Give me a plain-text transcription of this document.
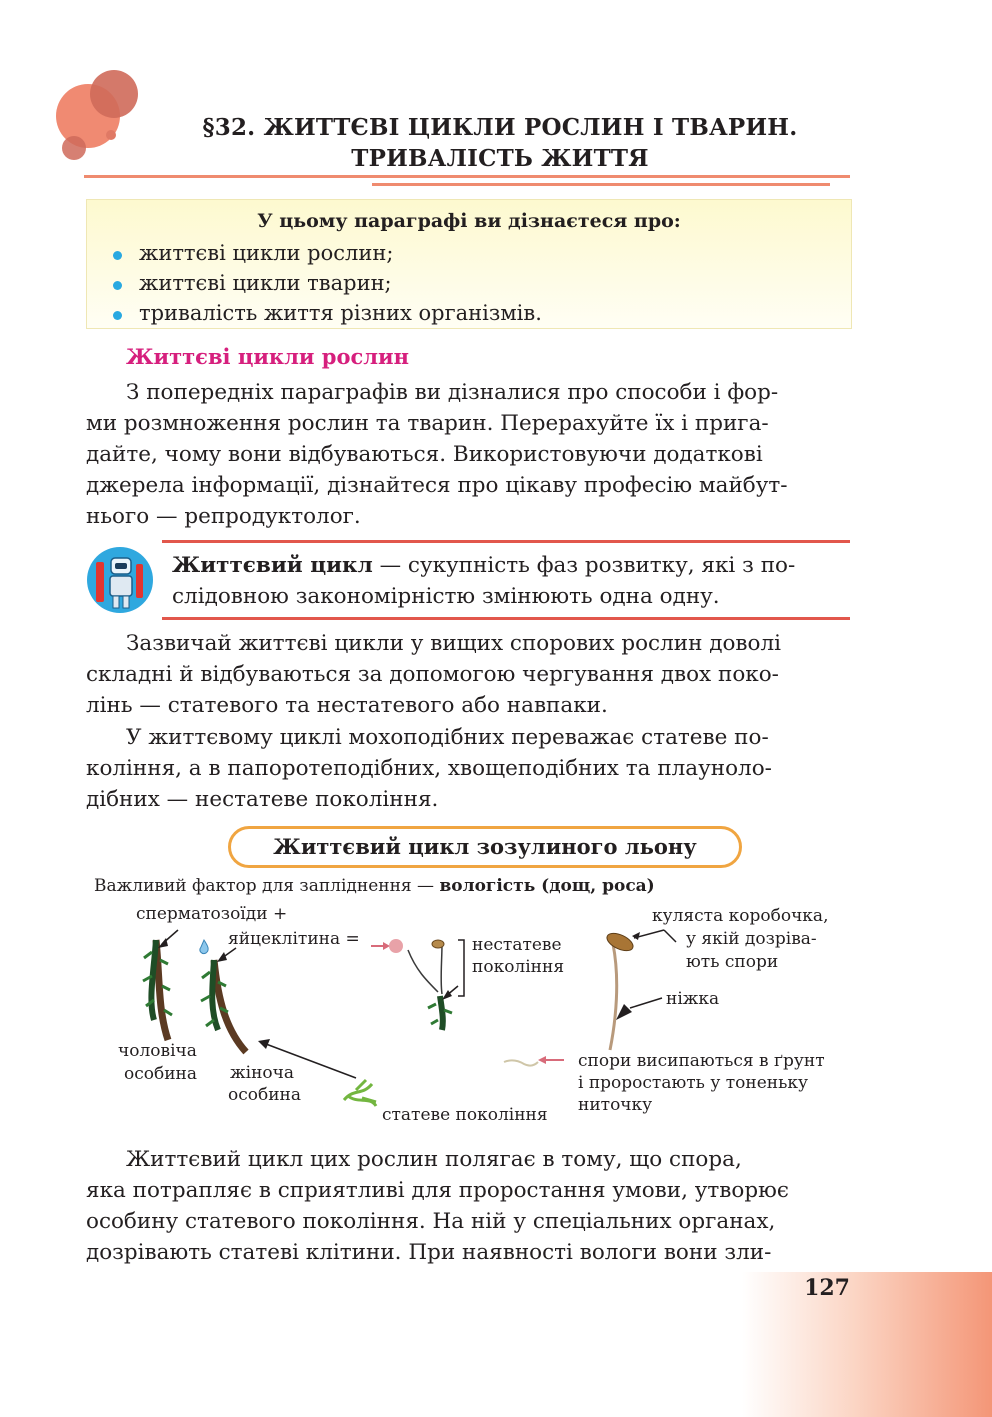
§32. ЖИТТЄВІ ЦИКЛИ РОСЛИН І ТВАРИН.
ТРИВАЛІСТЬ ЖИТТЯ
У цьому параграфі ви дізнаєтеся про:
життєві цикли рослин;
життєві цикли тварин;
тривалість життя різних організмів.
Життєві цикли рослин
З попередніх параграфів ви дізналися про способи і фор-
ми розмноження рослин та тварин. Перерахуйте їх і прига-
дайте, чому вони відбуваються. Використовуючи додаткові
джерела інформації, дізнайтеся про цікаву професію майбут-
нього — репродуктолог.
Життєвий цикл — сукупність фаз розвитку, які з по-
слідовною закономірністю змінюють одна одну.
Зазвичай життєві цикли у вищих спорових рослин доволі
складні й відбуваються за допомогою чергування двох поко-
лінь — статевого та нестатевого або навпаки.
У життєвому циклі мохоподібних переважає статеве по-
коління, а в папоротеподібних, хвощеподібних та плауноло-
дібних — нестатеве покоління.
Життєвий цикл зозулиного льону
Важливий фактор для запліднення — вологість (дощ, роса)
сперматозоїди +
яйцеклітина =	нестатеве
покоління
куляста коробочка,
у якій дозріва-
ють спори
ніжка
чоловіча
особина жіноча
особина
спори висипаються в ґрунт
і проростають у тоненьку
ниточку
статеве покоління
Життєвий цикл цих рослин полягає в тому, що спора,
яка потрапляє в сприятливі для проростання умови, утворює
особину статевого покоління. На ній у спеціальних органах,
дозрівають статеві клітини. При наявності вологи вони зли-
127
